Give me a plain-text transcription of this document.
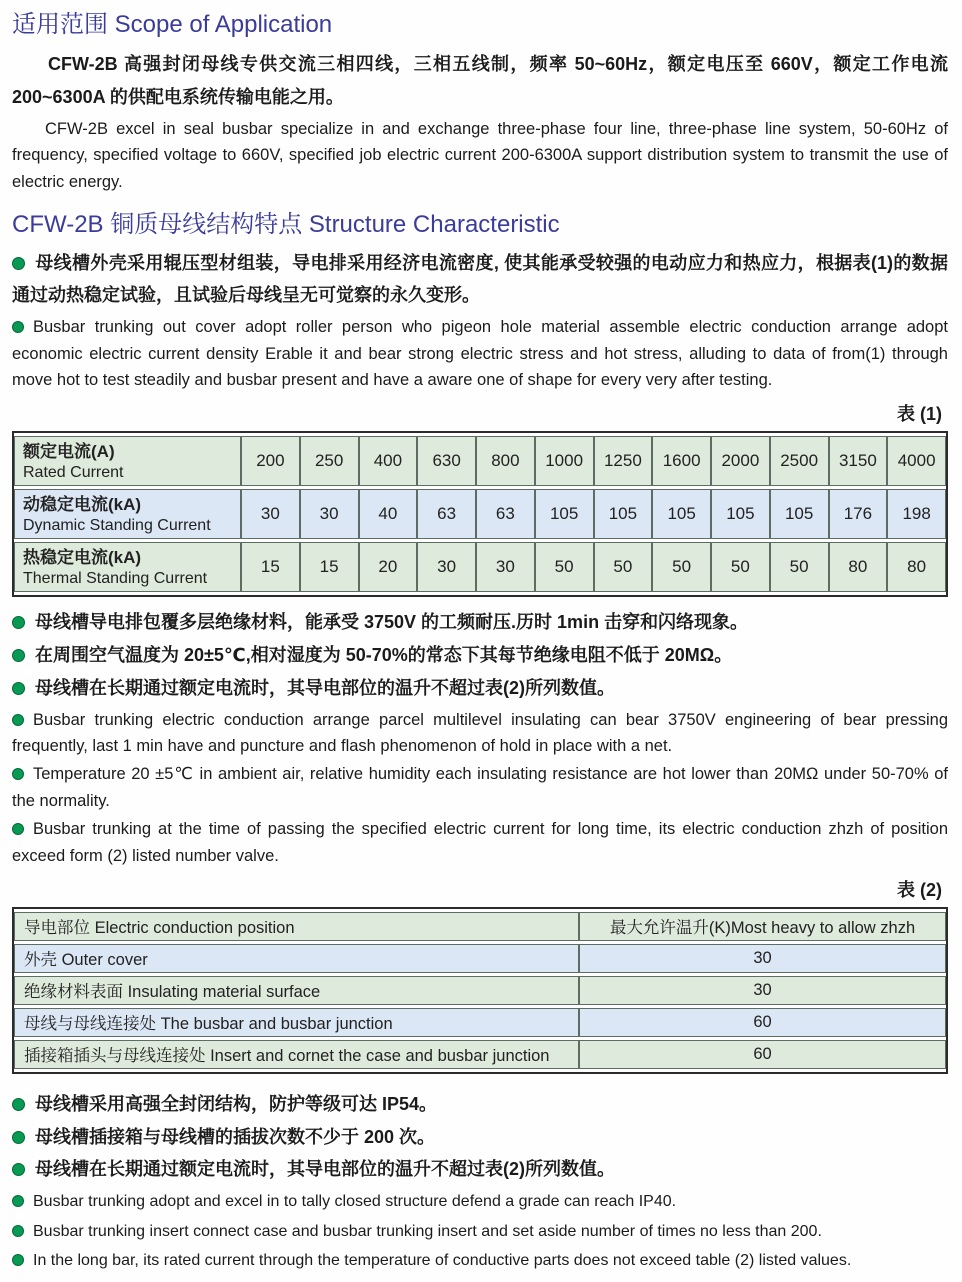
适用范围 Scope of Application

CFW-2B 高强封闭母线专供交流三相四线，三相五线制，频率 50~60Hz，额定电压至 660V，额定工作电流 200~6300A 的供配电系统传输电能之用。

CFW-2B excel in seal busbar specialize in and exchange three-phase four line, three-phase line system, 50-60Hz of frequency, specified voltage to 660V, specified job electric current 200-6300A support distribution system to transmit the use of electric energy.

CFW-2B 铜质母线结构特点 Structure Characteristic
母线槽外壳采用辊压型材组装，导电排采用经济电流密度, 使其能承受较强的电动应力和热应力，根据表(1)的数据通过动热稳定试验，且试验后母线呈无可觉察的永久变形。
Busbar trunking out cover adopt roller person who pigeon hole material assemble electric conduction arrange adopt economic electric current density Erable it and bear strong electric stress and hot stress, alluding to data of from(1) through move hot to test steadily and busbar present and have a aware one of shape for every very after testing.
表 (1)
额定电流(A)
Rated Current	200	250	400	630	800	1000	1250	1600	2000	2500	3150	4000

动稳定电流(kA)
Dynamic Standing Current	30	30	40	63	63	105	105	105	105	105	176	198

热稳定电流(kA)
Thermal Standing Current	15	15	20	30	30	50	50	50	50	50	80	80
母线槽导电排包覆多层绝缘材料，能承受 3750V 的工频耐压.历时 1min 击穿和闪络现象。
在周围空气温度为 20±5℃,相对湿度为 50-70%的常态下其每节绝缘电阻不低于 20MΩ。
母线槽在长期通过额定电流时，其导电部位的温升不超过表(2)所列数值。
Busbar trunking electric conduction arrange parcel multilevel insulating can bear 3750V engineering of bear pressing frequently, last 1 min have and puncture and flash phenomenon of hold in place with a net.
Temperature 20 ±5℃ in ambient air, relative humidity each insulating resistance are hot lower than 20MΩ under 50-70% of the normality.
Busbar trunking at the time of passing the specified electric current for long time, its electric conduction zhzh of position exceed form (2) listed number valve.
表 (2)
导电部位 Electric conduction position	最大允许温升(K)Most heavy to allow zhzh
外壳 Outer cover	30
绝缘材料表面 Insulating material surface	30
母线与母线连接处 The busbar and busbar junction	60
插接箱插头与母线连接处 Insert and cornet the case and busbar junction	60
母线槽采用高强全封闭结构，防护等级可达 IP54。
母线槽插接箱与母线槽的插拔次数不少于 200 次。
母线槽在长期通过额定电流时，其导电部位的温升不超过表(2)所列数值。
Busbar trunking adopt and excel in to tally closed structure defend a grade can reach IP40.
Busbar trunking insert connect case and busbar trunking insert and set aside number of times no less than 200.
In the long bar, its rated current through the temperature of conductive parts does not exceed table (2) listed values.
